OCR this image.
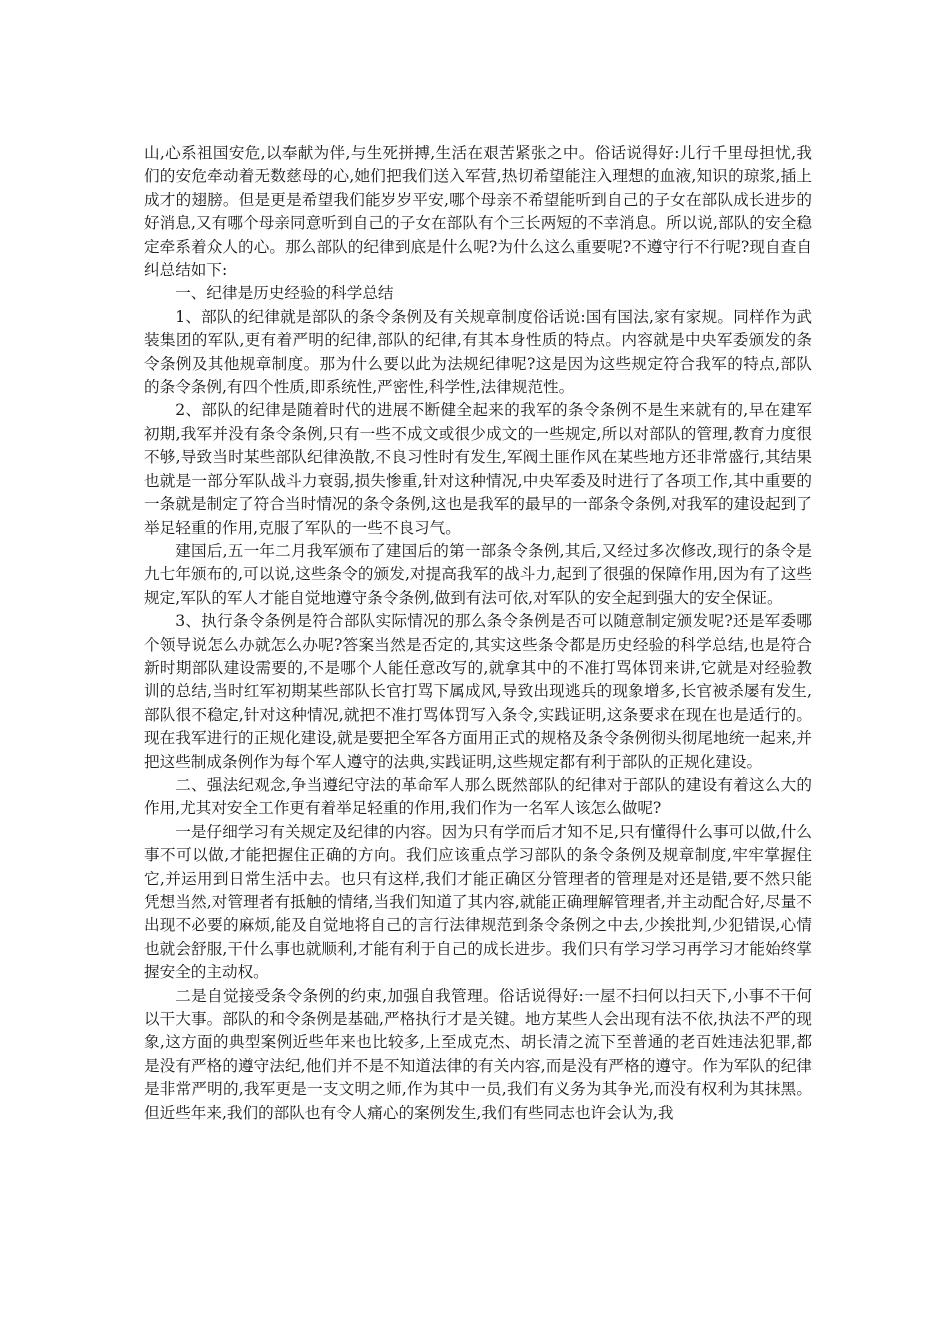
山,心系祖国安危,以奉献为伴,与生死拼搏,生活在艰苦紧张之中。俗话说得好:儿行千里母担忧,我们的安危牵动着无数慈母的心,她们把我们送入军营,热切希望能注入理想的血液,知识的琼浆,插上成才的翅膀。但是更是希望我们能岁岁平安,哪个母亲不希望能听到自己的子女在部队成长进步的好消息,又有哪个母亲同意听到自己的子女在部队有个三长两短的不幸消息。所以说,部队的安全稳定牵系着众人的心。那么部队的纪律到底是什么呢?为什么这么重要呢?不遵守行不行呢?现自查自纠总结如下:

一、纪律是历史经验的科学总结

1、部队的纪律就是部队的条令条例及有关规章制度俗话说:国有国法,家有家规。同样作为武装集团的军队,更有着严明的纪律,部队的纪律,有其本身性质的特点。内容就是中央军委颁发的条令条例及其他规章制度。那为什么要以此为法规纪律呢?这是因为这些规定符合我军的特点,部队的条令条例,有四个性质,即系统性,严密性,科学性,法律规范性。

2、部队的纪律是随着时代的进展不断健全起来的我军的条令条例不是生来就有的,早在建军初期,我军并没有条令条例,只有一些不成文或很少成文的一些规定,所以对部队的管理,教育力度很不够,导致当时某些部队纪律涣散,不良习性时有发生,军阀土匪作风在某些地方还非常盛行,其结果也就是一部分军队战斗力衰弱,损失惨重,针对这种情况,中央军委及时进行了各项工作,其中重要的一条就是制定了符合当时情况的条令条例,这也是我军的最早的一部条令条例,对我军的建设起到了举足轻重的作用,克服了军队的一些不良习气。

建国后,五一年二月我军颁布了建国后的第一部条令条例,其后,又经过多次修改,现行的条令是九七年颁布的,可以说,这些条令的颁发,对提高我军的战斗力,起到了很强的保障作用,因为有了这些规定,军队的军人才能自觉地遵守条令条例,做到有法可依,对军队的安全起到强大的安全保证。

3、执行条令条例是符合部队实际情况的那么条令条例是否可以随意制定颁发呢?还是军委哪个领导说怎么办就怎么办呢?答案当然是否定的,其实这些条令都是历史经验的科学总结,也是符合新时期部队建设需要的,不是哪个人能任意改写的,就拿其中的不准打骂体罚来讲,它就是对经验教训的总结,当时红军初期某些部队长官打骂下属成风,导致出现逃兵的现象增多,长官被杀屡有发生,部队很不稳定,针对这种情况,就把不准打骂体罚写入条令,实践证明,这条要求在现在也是适行的。现在我军进行的正规化建设,就是要把全军各方面用正式的规格及条令条例彻头彻尾地统一起来,并把这些制成条例作为每个军人遵守的法典,实践证明,这些规定都有利于部队的正规化建设。

二、强法纪观念,争当遵纪守法的革命军人那么既然部队的纪律对于部队的建设有着这么大的作用,尤其对安全工作更有着举足轻重的作用,我们作为一名军人该怎么做呢?

一是仔细学习有关规定及纪律的内容。因为只有学而后才知不足,只有懂得什么事可以做,什么事不可以做,才能把握住正确的方向。我们应该重点学习部队的条令条例及规章制度,牢牢掌握住它,并运用到日常生活中去。也只有这样,我们才能正确区分管理者的管理是对还是错,要不然只能凭想当然,对管理者有抵触的情绪,当我们知道了其内容,就能正确理解管理者,并主动配合好,尽量不出现不必要的麻烦,能及自觉地将自己的言行法律规范到条令条例之中去,少挨批判,少犯错误,心情也就会舒服,干什么事也就顺利,才能有利于自己的成长进步。我们只有学习学习再学习才能始终掌握安全的主动权。

二是自觉接受条令条例的约束,加强自我管理。俗话说得好:一屋不扫何以扫天下,小事不干何以干大事。部队的和令条例是基础,严格执行才是关键。地方某些人会出现有法不依,执法不严的现象,这方面的典型案例近些年来也比较多,上至成克杰、胡长清之流下至普通的老百姓违法犯罪,都是没有严格的遵守法纪,他们并不是不知道法律的有关内容,而是没有严格的遵守。作为军队的纪律是非常严明的,我军更是一支文明之师,作为其中一员,我们有义务为其争光,而没有权利为其抹黑。但近些年来,我们的部队也有令人痛心的案例发生,我们有些同志也许会认为,我
